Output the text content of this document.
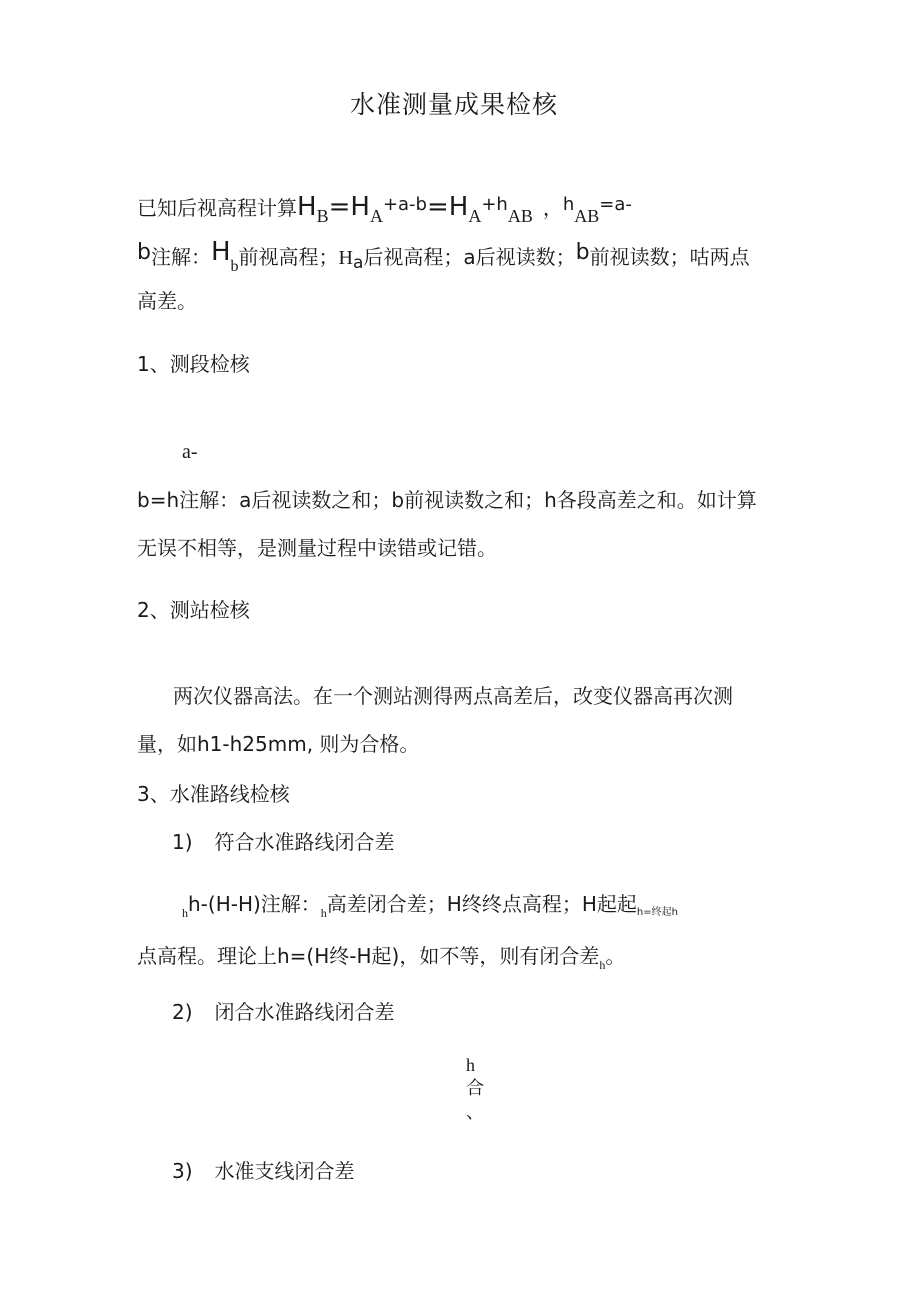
水准测量成果检核
已知后视高程计算HB=HA+a-b=HA+hAB ，hAB=a-
b注解：$H_b$前视高程；$H_a$后视高程；a后视读数；b前视读数；咕两点
高差。
1、测段检核
a-
b=h注解：a后视读数之和；b前视读数之和；h各段高差之和。如计算
无误不相等，是测量过程中读错或记错。
2、测站检核
两次仪器高法。在一个测站测得两点高差后，改变仪器高再次测
量，如h1-h25mm, 则为合格。
3、水准路线检核
1) 符合水准路线闭合差
$_h$h-(H-H)注解：$_h$高差闭合差；H终终点高程；H起起$_{h=终起h}$
点高程。理论上h=(H终-H起)，如不等，则有闭合差$_h$。
2) 闭合水准路线闭合差
h
合
、
3) 水准支线闭合差
